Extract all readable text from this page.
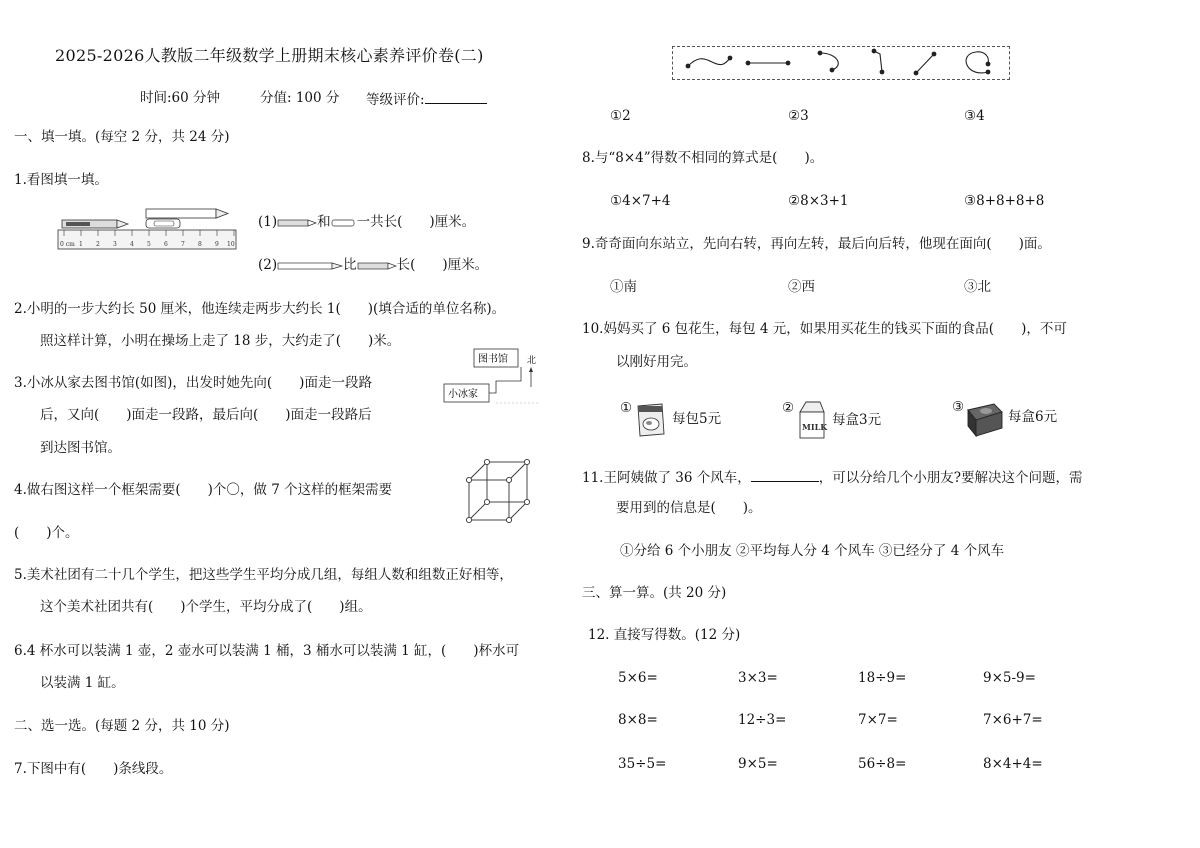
2025-2026人教版二年级数学上册期末核心素养评价卷(二)
时间:60 分钟	分值: 100 分 等级评价:
一、填一填。(每空 2 分，共 24 分)
1.看图填一填。
0 cm 1 2 3 4 5 6 7 8 9 10
(1)	和 一共长(　　)厘米。
(2)	比	长(　　)厘米。
2.小明的一步大约长 50 厘米，他连续走两步大约长 1(　　)(填合适的单位名称)。
照这样计算，小明在操场上走了 18 步，大约走了(　　)米。
3.小冰从家去图书馆(如图)，出发时她先向(　　)面走一段路
后，又向(　　)面走一段路，最后向(　　)面走一段路后
到达图书馆。
图书馆
小冰家
北
4.做右图这样一个框架需要(　　)个〇，做 7 个这样的框架需要
(　　)个。
5.美术社团有二十几个学生，把这些学生平均分成几组，每组人数和组数正好相等，
这个美术社团共有(　　)个学生，平均分成了(　　)组。
6.4 杯水可以装满 1 壶，2 壶水可以装满 1 桶，3 桶水可以装满 1 缸，(　　)杯水可
以装满 1 缸。
二、选一选。(每题 2 分，共 10 分)
7.下图中有(　　)条线段。
①2	②3	③4
8.与“8×4”得数不相同的算式是(　　)。
①4×7+4	②8×3+1	③8+8+8+8
9.奇奇面向东站立，先向右转，再向左转，最后向后转，他现在面向(　　)面。
①南	②西	③北
10.妈妈买了 6 包花生，每包 4 元，如果用买花生的钱买下面的食品(　　)，不可
以刚好用完。
①
每包5元
②
MILK 每盒3元
③
每盒6元
11.王阿姨做了 36 个风车，	，可以分给几个小朋友?要解决这个问题，需
要用到的信息是(　　)。
①分给 6 个小朋友 ②平均每人分 4 个风车 ③已经分了 4 个风车
三、算一算。(共 20 分)
12. 直接写得数。(12 分)
5×6=	3×3=	18÷9=	9×5-9=
8×8=	12÷3=	7×7=	7×6+7=
35÷5=	9×5=	56÷8=	8×4+4=
